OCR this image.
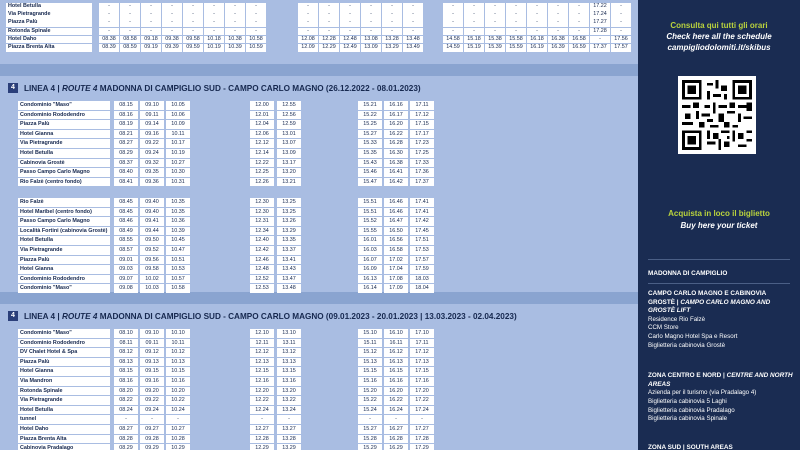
Hotel Betulla	-	-	-	-	-	-	-	-	-	-	-	-	-	-	-	-	-	-	-	-	-	17.22	-
Via Pietragrande	-	-	-	-	-	-	-	-	-	-	-	-	-	-	-	-	-	-	-	-	-	17.24	-
Piazza Palù	-	-	-	-	-	-	-	-	-	-	-	-	-	-	-	-	-	-	-	-	-	17.27	-
Rotonda Spinale	-	-	-	-	-	-	-	-	-	-	-	-	-	-	-	-	-	-	-	-	-	17.28	-
Hotel Daho	08.38	08.58	09.18	09.38	09.58	10.18	10.38	10.58	12.08	12.28	12.48	13.08	13.28	13.48	14.58	15.18	15.38	15.58	16.18	16.38	16.58	-	17.56
Piazza Brenta Alta	08.39	08.59	09.19	09.39	09.59	10.19	10.39	10.59	12.09	12.29	12.49	13.09	13.29	13.49	14.59	15.19	15.39	15.59	16.19	16.39	16.59	17.37	17.57
4	LINEA 4 | ROUTE 4 MADONNA DI CAMPIGLIO SUD - CAMPO CARLO MAGNO (26.12.2022 - 08.01.2023)
Condominio "Maso"	08.15	09.10	10.05	12.00	12.55	15.21	16.16	17.11
Condominio Rododendro	08.16	09.11	10.06	12.01	12.56	15.22	16.17	17.12
Piazza Palù	08.19	09.14	10.09	12.04	12.59	15.25	16.20	17.15
Hotel Gianna	08.21	09.16	10.11	12.06	13.01	15.27	16.22	17.17
Via Pietragrande	08.27	09.22	10.17	12.12	13.07	15.33	16.28	17.23
Hotel Betulla	08.29	09.24	10.19	12.14	13.09	15.35	16.30	17.25
Cabinovia Grostè	08.37	09.32	10.27	12.22	13.17	15.43	16.38	17.33
Passo Campo Carlo Magno	08.40	09.35	10.30	12.25	13.20	15.46	16.41	17.36
Rio Falzè (centro fondo)	08.41	09.36	10.31	12.26	13.21	15.47	16.42	17.37
Rio Falzè	08.45	09.40	10.35	12.30	13.25	15.51	16.46	17.41
Hotel Maribel (centro fondo)	08.45	09.40	10.35	12.30	13.25	15.51	16.46	17.41
Passo Campo Carlo Magno	08.46	09.41	10.36	12.31	13.26	15.52	16.47	17.42
Località Fortini (cabinovia Grostè)	08.49	09.44	10.39	12.34	13.29	15.55	16.50	17.45
Hotel Betulla	08.55	09.50	10.45	12.40	13.35	16.01	16.56	17.51
Via Pietragrande	08.57	09.52	10.47	12.42	13.37	16.03	16.58	17.53
Piazza Palù	09.01	09.56	10.51	12.46	13.41	16.07	17.02	17.57
Hotel Gianna	09.03	09.58	10.53	12.48	13.43	16.09	17.04	17.59
Condominio Rododendro	09.07	10.02	10.57	12.52	13.47	16.13	17.08	18.03
Condominio "Maso"	09.08	10.03	10.58	12.53	13.48	16.14	17.09	18.04
4	LINEA 4 | ROUTE 4 MADONNA DI CAMPIGLIO SUD - CAMPO CARLO MAGNO (09.01.2023 - 20.01.2023 | 13.03.2023 - 02.04.2023)
Condominio "Maso"	08.10	09.10	10.10	12.10	13.10	15.10	16.10	17.10
Condominio Rododendro	08.11	09.11	10.11	12.11	13.11	15.11	16.11	17.11
DV Chalet Hotel & Spa	08.12	09.12	10.12	12.12	13.12	15.12	16.12	17.12
Piazza Palù	08.13	09.13	10.13	12.13	13.13	15.13	16.13	17.13
Hotel Gianna	08.15	09.15	10.15	12.15	13.15	15.15	16.15	17.15
Via Mandron	08.16	09.16	10.16	12.16	13.16	15.16	16.16	17.16
Rotonda Spinale	08.20	09.20	10.20	12.20	13.20	15.20	16.20	17.20
Via Pietragrande	08.22	09.22	10.22	12.22	13.22	15.22	16.22	17.22
Hotel Betulla	08.24	09.24	10.24	12.24	13.24	15.24	16.24	17.24
tunnel	-	-	-	-	-	-	-	-
Hotel Daho	08.27	09.27	10.27	12.27	13.27	15.27	16.27	17.27
Piazza Brenta Alta	08.28	09.28	10.28	12.28	13.28	15.28	16.28	17.28
Cabinovia Pradalago	08.29	09.29	10.29	12.29	13.29	15.29	16.29	17.29
Consulta qui tutti gli orari
Check here all the schedule
campigliodolomiti.it/skibus
Acquista in loco il biglietto
Buy here your ticket
MADONNA DI CAMPIGLIO
CAMPO CARLO MAGNO E CABINOVIA GROSTÈ | CAMPO CARLO MAGNO AND GROSTÈ LIFT
Residence Rio Falzè
CCM Store
Carlo Magno Hotel Spa e Resort
Biglietteria cabinovia Grostè
ZONA CENTRO E NORD | CENTRE AND NORTH AREAS
Azienda per il turismo (via Pradalago 4)
Biglietteria cabinovia 5 Laghi
Biglietteria cabinovia Pradalago
Biglietteria cabinovia Spinale
ZONA SUD | SOUTH AREAS
